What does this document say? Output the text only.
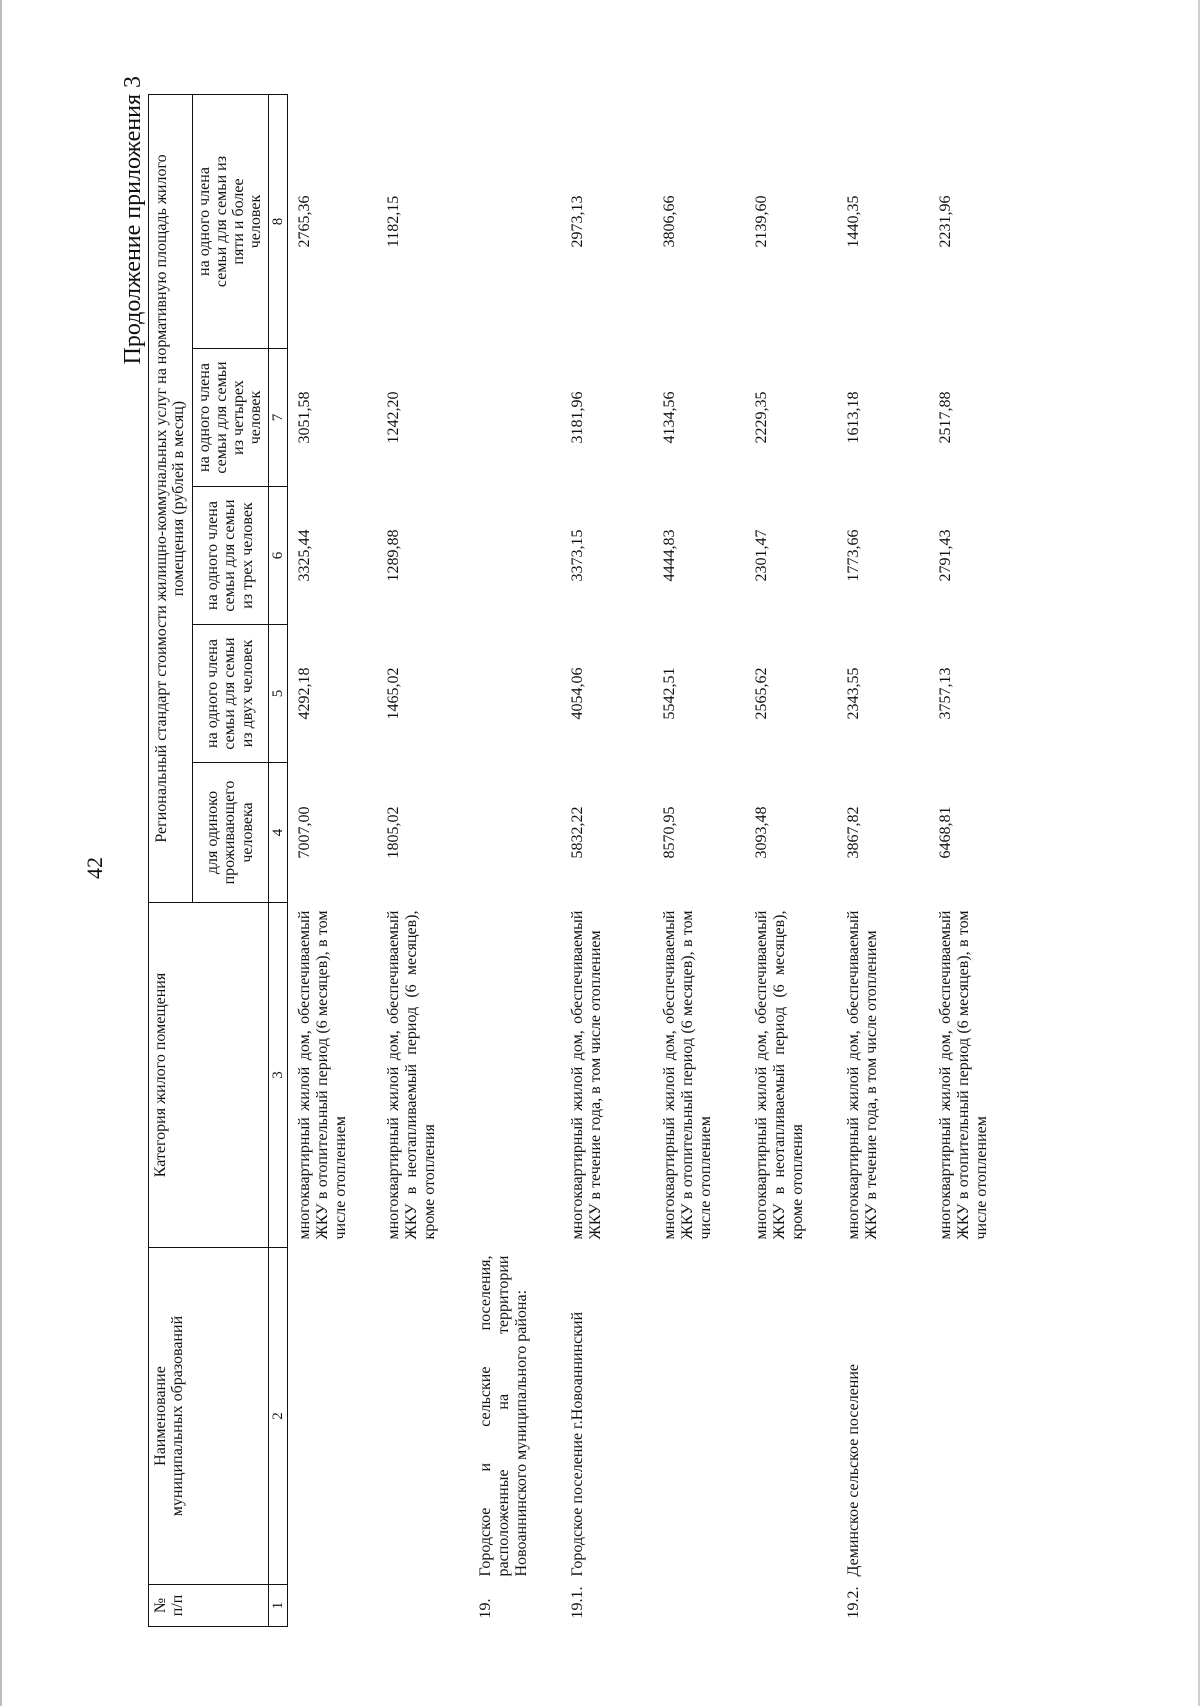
42
Продолжение приложения 3
№
п/п	Наименование
муниципальных образований	Категория жилого помещения	Региональный стандарт стоимости жилищно-коммунальных услуг на нормативную площадь жилого помещения (рублей в месяц)				
			для одиноко проживающего человека	на одного члена семьи для семьи из двух человек	на одного члена семьи для семьи из трех человек	на одного члена семьи для семьи из четырех человек	на одного члена семьи для семьи из пяти и более человек
1	2	3	4	5	6	7	8
		многоквартирный жилой дом, обеспечиваемый ЖКУ в отопительный период (6 месяцев), в том числе отоплением	7007,00	4292,18	3325,44	3051,58	2765,36
		многоквартирный жилой дом, обеспечиваемый ЖКУ в неотапливаемый период (6 месяцев), кроме отопления	1805,02	1465,02	1289,88	1242,20	1182,15
19.	Городское и сельские поселения, расположенные на территории Новоаннинского муниципального района:						
19.1.	Городское поселение г.Новоаннинский	многоквартирный жилой дом, обеспечиваемый ЖКУ в течение года, в том числе отоплением	5832,22	4054,06	3373,15	3181,96	2973,13
		многоквартирный жилой дом, обеспечиваемый ЖКУ в отопительный период (6 месяцев), в том числе отоплением	8570,95	5542,51	4444,83	4134,56	3806,66
		многоквартирный жилой дом, обеспечиваемый ЖКУ в неотапливаемый период (6 месяцев), кроме отопления	3093,48	2565,62	2301,47	2229,35	2139,60
19.2.	Деминское сельское поселение	многоквартирный жилой дом, обеспечиваемый ЖКУ в течение года, в том числе отоплением	3867,82	2343,55	1773,66	1613,18	1440,35
		многоквартирный жилой дом, обеспечиваемый ЖКУ в отопительный период (6 месяцев), в том числе отоплением	6468,81	3757,13	2791,43	2517,88	2231,96
